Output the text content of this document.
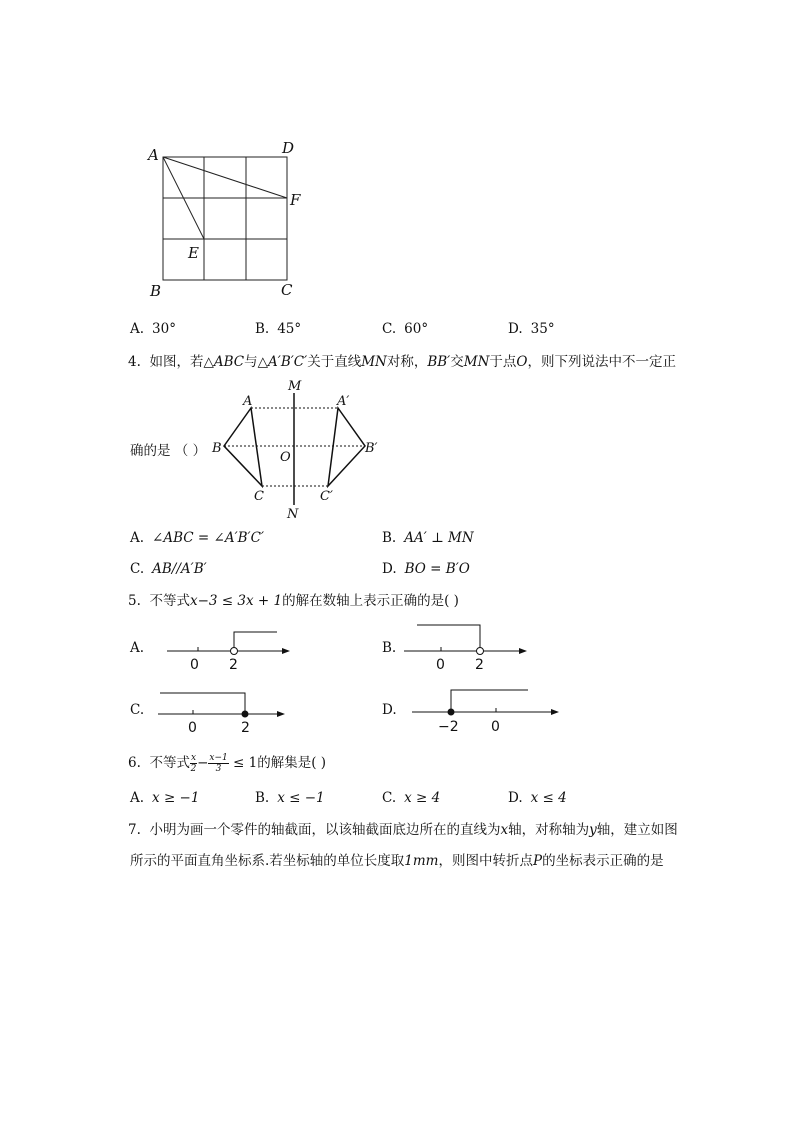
A	D
F
E
B	C
A. 30°	B. 45°	C. 60°	D. 35°
4. 如图，若△ABC与△A′B′C′关于直线MN对称，BB′交MN于点O，则下列说法中不一定正
确的是 （ ）
M
N
A
B
C
A′
B′
C′
O
A. ∠ABC = ∠A′B′C′	B. AA′ ⊥ MN
C. AB//A′B′	D. BO = B′O
5. 不等式x−3 ≤ 3x + 1的解在数轴上表示正确的是( )
A.	B.
C.	D.
0 2	0 2
0	2	−2 0
6. 不等式 $\frac{x}{2} - \frac{x-1}{3} \le 1$的解集是( )
A. x ≥ −1	B. x ≤ −1	C. x ≥ 4	D. x ≤ 4
7. 小明为画一个零件的轴截面，以该轴截面底边所在的直线为x轴，对称轴为y轴，建立如图
所示的平面直角坐标系.若坐标轴的单位长度取1mm，则图中转折点P的坐标表示正确的是
